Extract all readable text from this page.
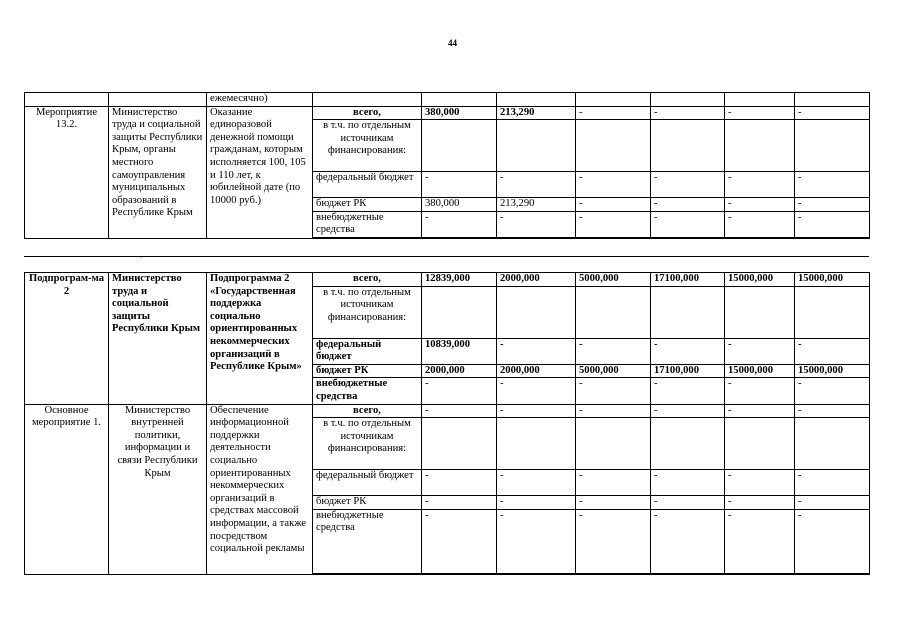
44
		ежемесячно)							
Мероприятие 13.2.	Министерство труда и социальной защиты Республики Крым, органы местного самоуправления муниципальных образований в Республике Крым	Оказание единоразовой денежной помощи гражданам, которым исполняется 100, 105 и 110 лет, к юбилейной дате (по 10000 руб.)	всего,	380,000	213,290	-	-	-	-
			в т.ч. по отдельным источникам финансирования:						
			федеральный бюджет	-	-	-	-	-	-
			бюджет РК	380,000	213,290	-	-	-	-
			внебюджетные средства	-	-	-	-	-	-

ˊ
Подпрограм-ма 2	Министерство труда и социальной защиты Республики Крым	Подпрограмма 2 «Государственная поддержка социально ориентированных некоммерческих организаций в Республике Крым»	всего,	12839,000	2000,000	5000,000	17100,000	15000,000	15000,000
			в т.ч. по отдельным источникам финансирования:						
			федеральный бюджет	10839,000	-	-	-	-	-
			бюджет РК	2000,000	2000,000	5000,000	17100,000	15000,000	15000,000
			внебюджетные средства	-	-	-	-	-	-
Основное мероприятие 1.	Министерство внутренней политики, информации и связи Республики Крым	Обеспечение информационной поддержки деятельности социально ориентированных некоммерческих организаций в средствах массовой информации, а также посредством социальной рекламы	всего,	-	-	-	-	-	-
			в т.ч. по отдельным источникам финансирования:						
			федеральный бюджет	-	-	-	-	-	-
			бюджет РК	-	-	-	-	-	-
			внебюджетные средства	-	-	-	-	-	-
